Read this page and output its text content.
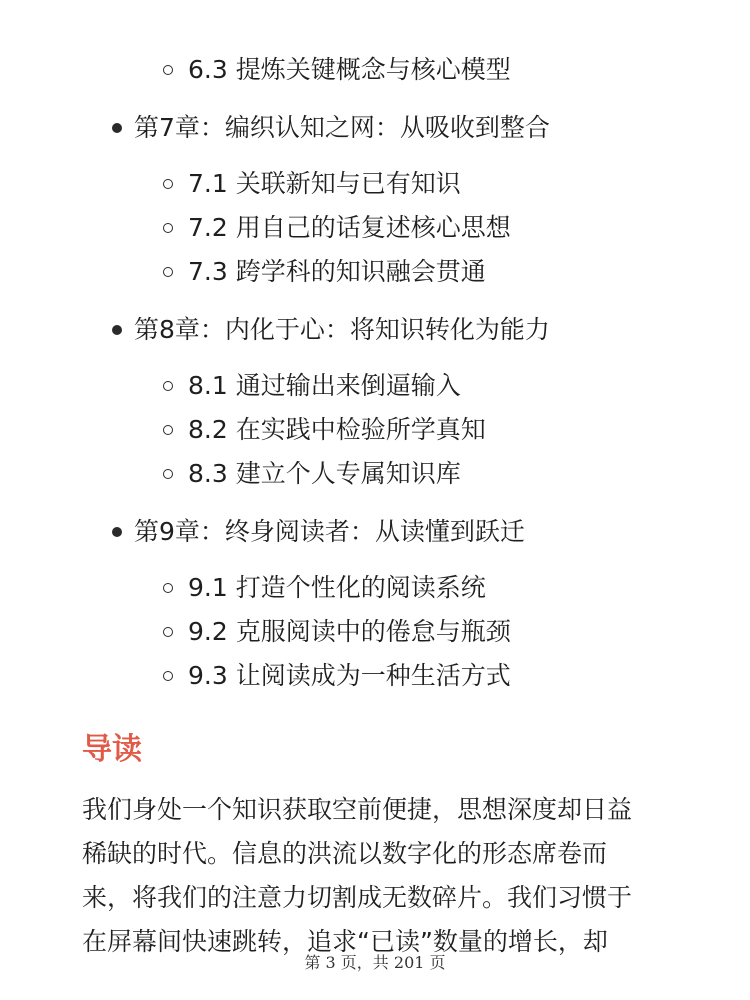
6.3 提炼关键概念与核心模型
第7章：编织认知之网：从吸收到整合
7.1 关联新知与已有知识
7.2 用自己的话复述核心思想
7.3 跨学科的知识融会贯通
第8章：内化于心：将知识转化为能力
8.1 通过输出来倒逼输入
8.2 在实践中检验所学真知
8.3 建立个人专属知识库
第9章：终身阅读者：从读懂到跃迁
9.1 打造个性化的阅读系统
9.2 克服阅读中的倦怠与瓶颈
9.3 让阅读成为一种生活方式
导读
我们身处一个知识获取空前便捷，思想深度却日益
稀缺的时代。信息的洪流以数字化的形态席卷而
来，将我们的注意力切割成无数碎片。我们习惯于
在屏幕间快速跳转，追求“已读”数量的增长，却
第 3 页，共 201 页
